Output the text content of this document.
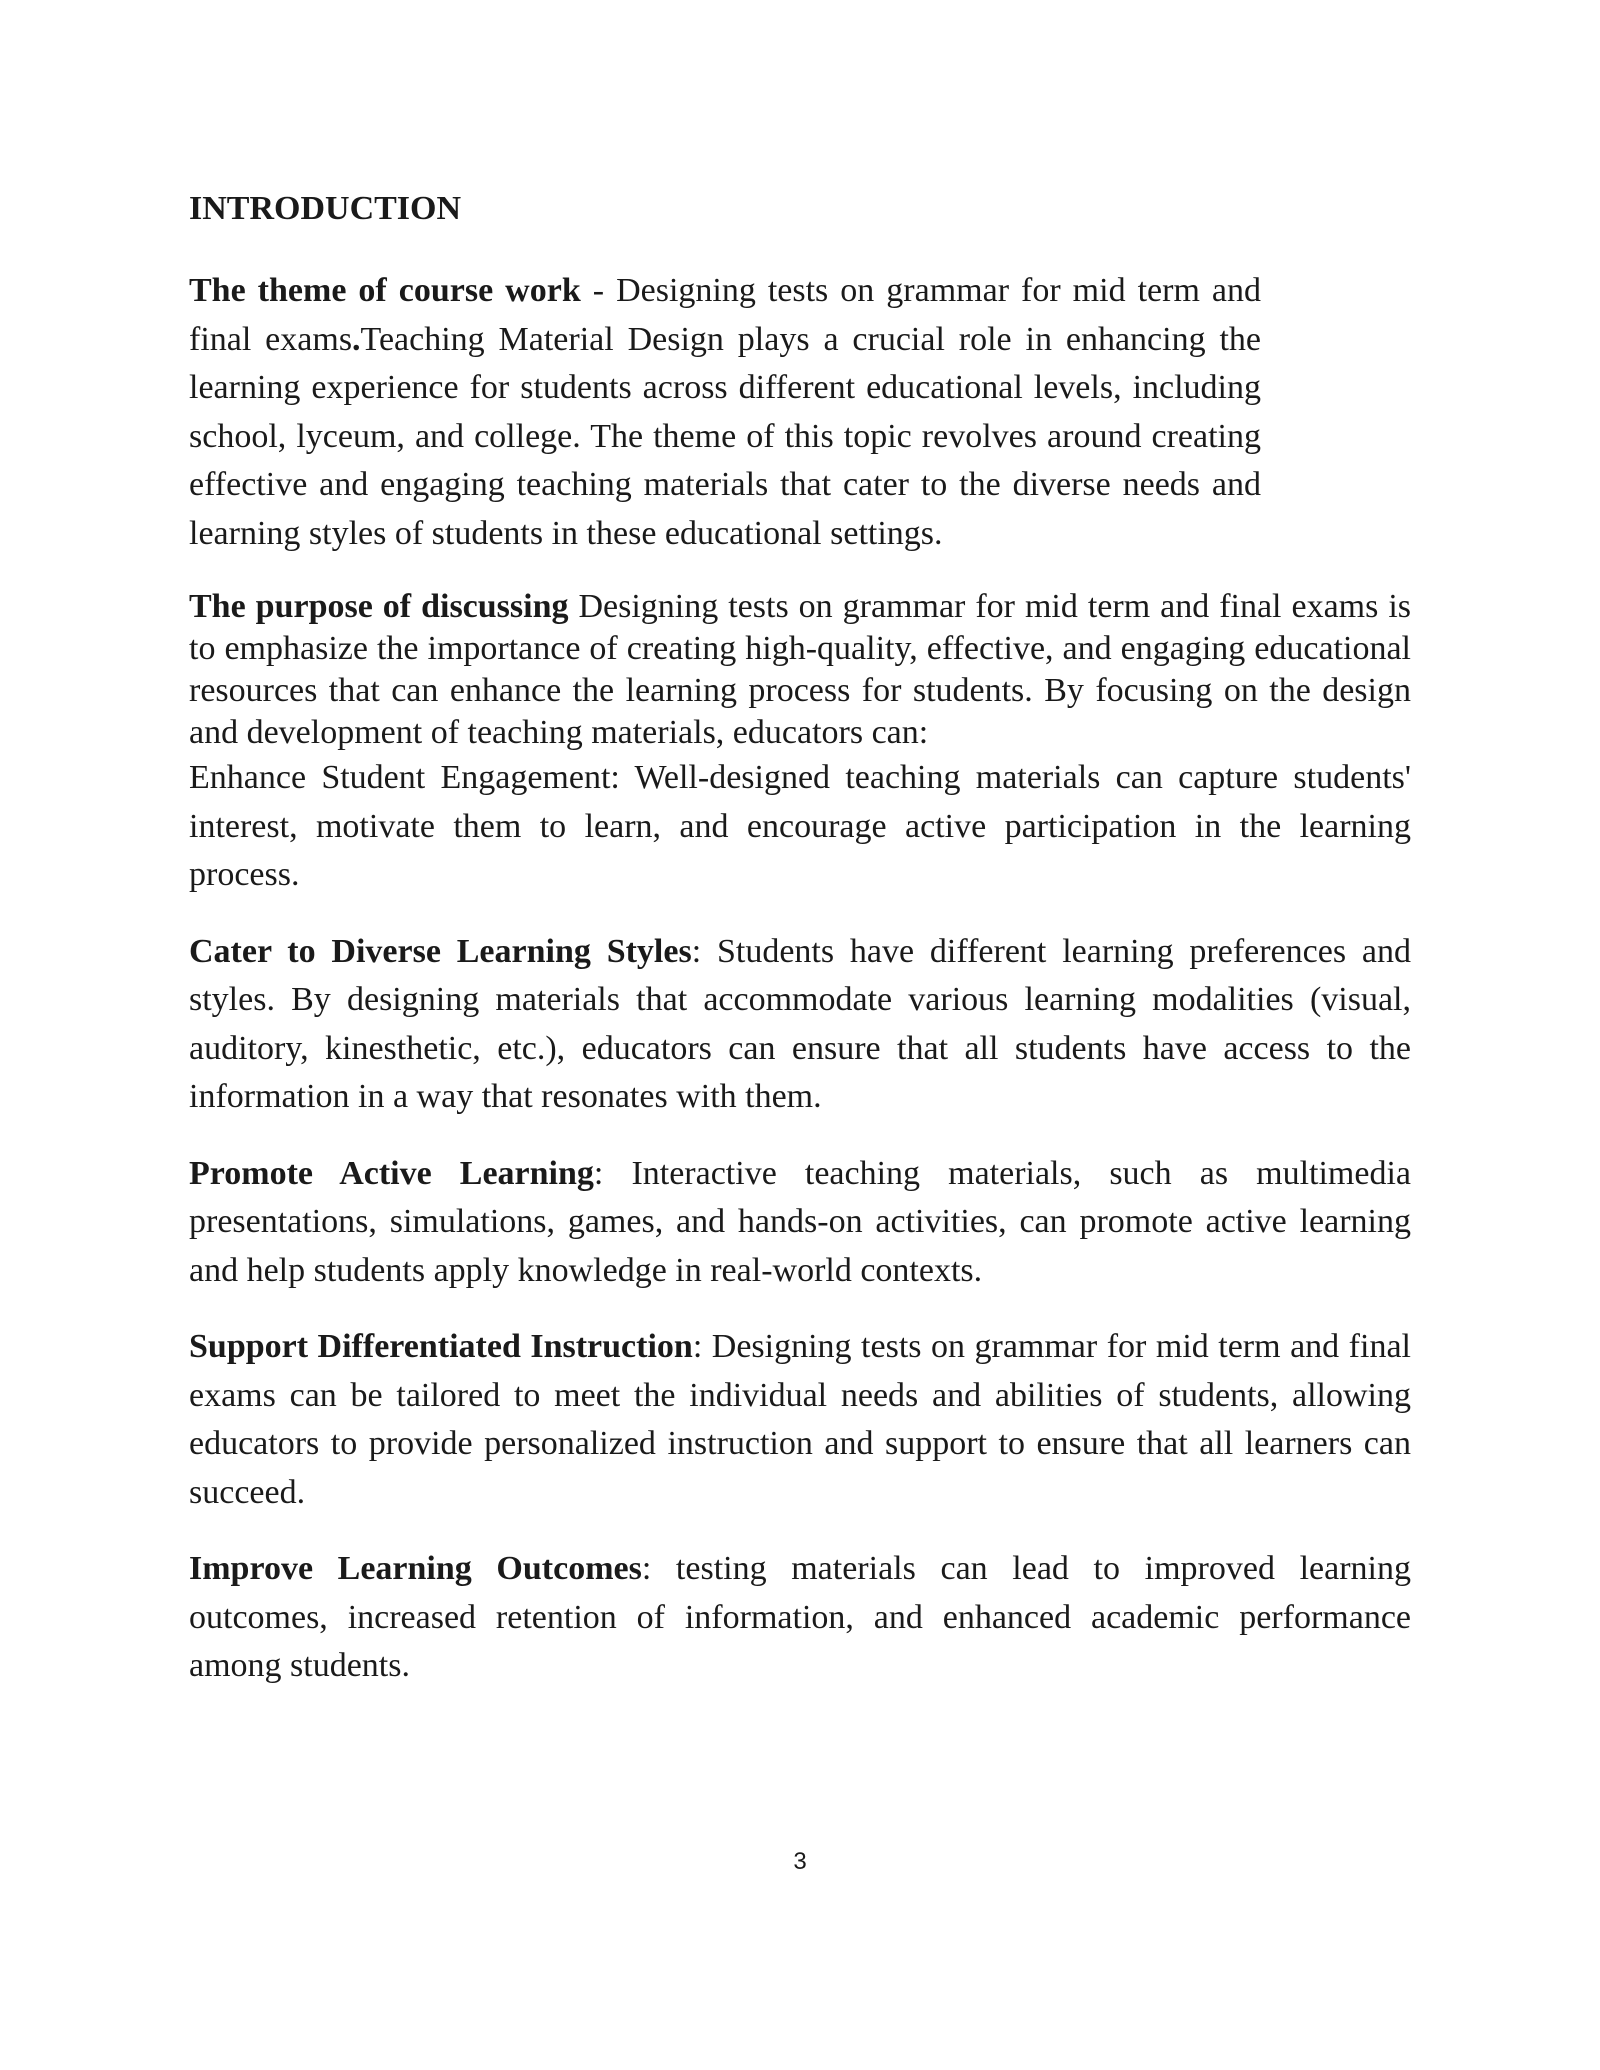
INTRODUCTION

The theme of course work - Designing tests on grammar for mid term and final exams.Teaching Material Design plays a crucial role in enhancing the learning experience for students across different educational levels, including school, lyceum, and college. The theme of this topic revolves around creating effective and engaging teaching materials that cater to the diverse needs and learning styles of students in these educational settings.

The purpose of discussing Designing tests on grammar for mid term and final exams is to emphasize the importance of creating high-quality, effective, and engaging educational resources that can enhance the learning process for students. By focusing on the design and development of teaching materials, educators can:

Enhance Student Engagement: Well-designed teaching materials can capture students' interest, motivate them to learn, and encourage active participation in the learning process.

Cater to Diverse Learning Styles: Students have different learning preferences and styles. By designing materials that accommodate various learning modalities (visual, auditory, kinesthetic, etc.), educators can ensure that all students have access to the information in a way that resonates with them.

Promote Active Learning: Interactive teaching materials, such as multimedia presentations, simulations, games, and hands-on activities, can promote active learning and help students apply knowledge in real-world contexts.

Support Differentiated Instruction: Designing tests on grammar for mid term and final exams can be tailored to meet the individual needs and abilities of students, allowing educators to provide personalized instruction and support to ensure that all learners can succeed.

Improve Learning Outcomes: testing materials can lead to improved learning outcomes, increased retention of information, and enhanced academic performance among students.

3
